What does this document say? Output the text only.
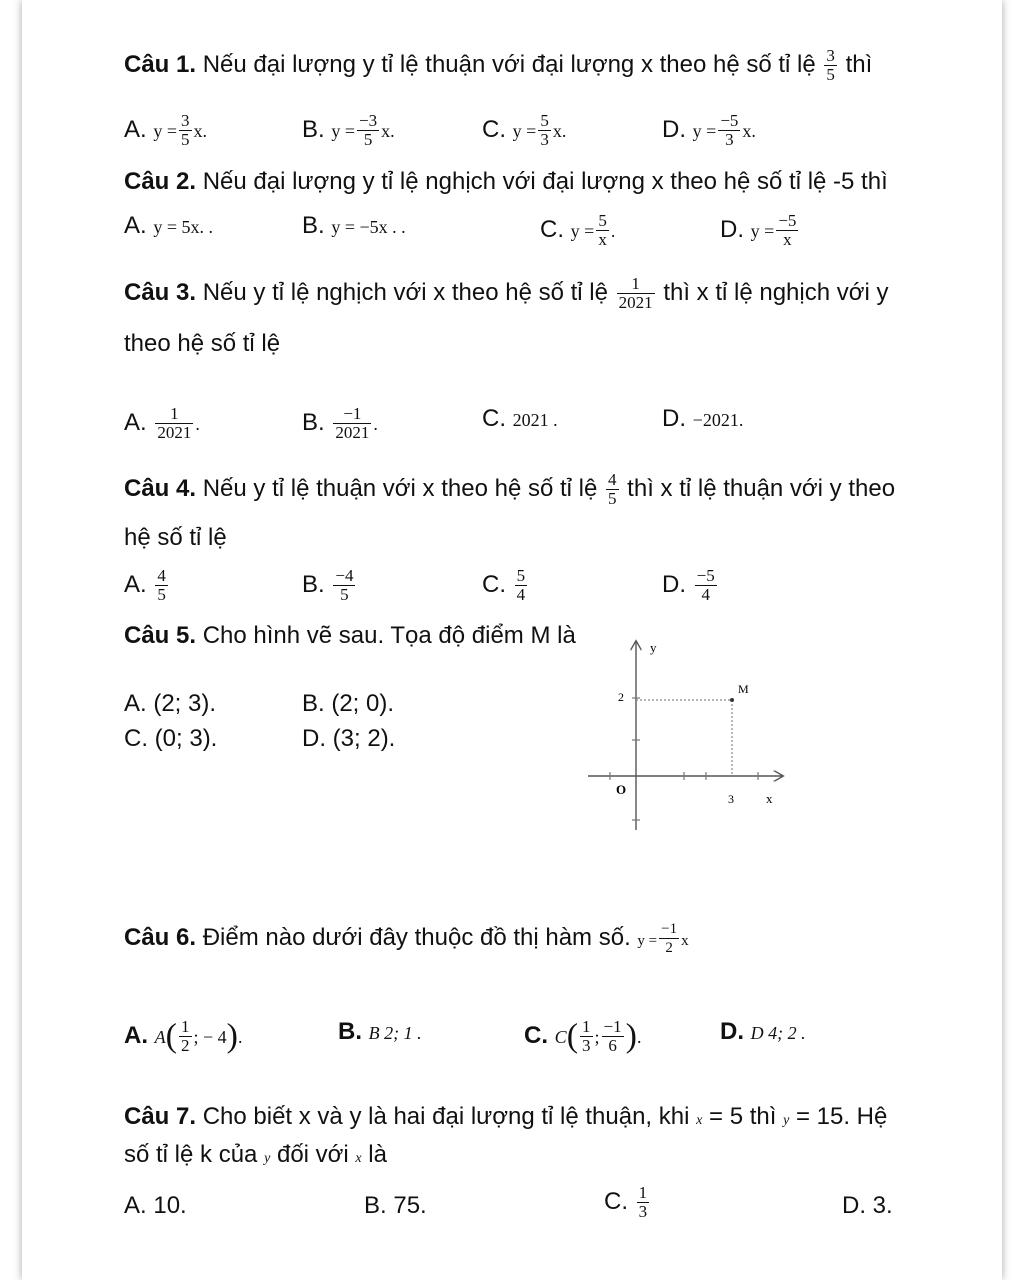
Câu 1. Nếu đại lượng y tỉ lệ thuận với đại lượng x theo hệ số tỉ lệ $\frac{3}{5}$ thì
A. $y = \frac{3}{5} x$.	B. $y = \frac{-3}{5} x$.	C. $y = \frac{5}{3} x$.	D. $y = \frac{-5}{3} x$.
Câu 2. Nếu đại lượng y tỉ lệ nghịch với đại lượng x theo hệ số tỉ lệ -5 thì
A. y = 5x. .	B. y = −5x . .	C. $y = \frac{5}{x}$ .	D. $y = \frac{-5}{x}$
Câu 3. Nếu y tỉ lệ nghịch với x theo hệ số tỉ lệ $\frac{1}{2021}$ thì x tỉ lệ nghịch với y
theo hệ số tỉ lệ
A. $\frac{1}{2021}$ .	B. $\frac{-1}{2021}$ .	C. 2021 .	D. −2021.
Câu 4. Nếu y tỉ lệ thuận với x theo hệ số tỉ lệ $\frac{4}{5}$ thì x tỉ lệ thuận với y theo
hệ số tỉ lệ
A. $\frac{4}{5}$	B. $\frac{-4}{5}$	C. $\frac{5}{4}$	D. $\frac{-5}{4}$
Câu 5. Cho hình vẽ sau. Tọa độ điểm M là
A. (2; 3).	B. (2; 0).
C. (0; 3).	D. (3; 2).
y
x
O
2
3
M
Câu 6. Điểm nào dưới đây thuộc đồ thị hàm số. $y = \frac{-1}{2}$ x
A. $A( \frac{1}{2}$ ; − 4).	B. B 2; 1 .	C. $C( \frac{1}{3}$ ; $\frac{-1}{6}$ ).	D. D 4; 2 .
Câu 7. Cho biết x và y là hai đại lượng tỉ lệ thuận, khi x = 5 thì y = 15. Hệ
số tỉ lệ k của y đối với x là
A. 10.	B. 75.	C. $\frac{1}{3}$	D. 3.
